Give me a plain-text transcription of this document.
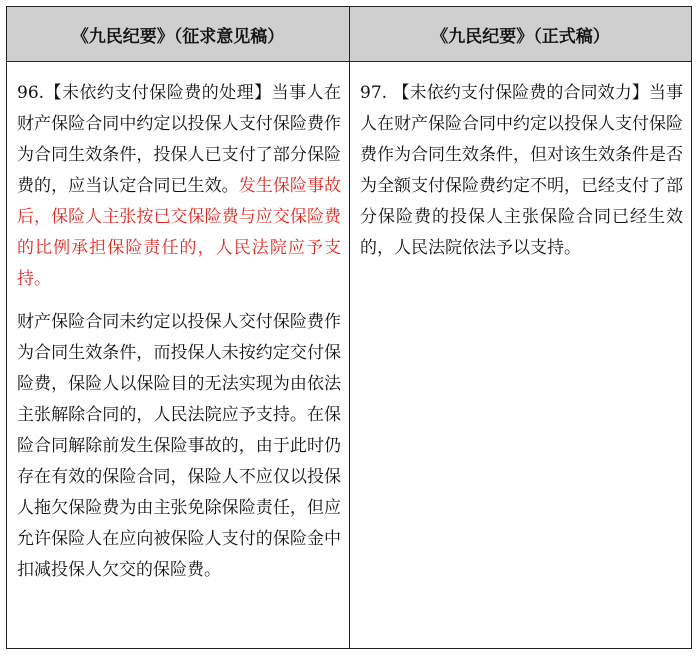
《九民纪要》（征求意见稿）	《九民纪要》（正式稿）

96.【未依约支付保险费的处理】当事人在财产保险合同中约定以投保人支付保险费作为合同生效条件，投保人已支付了部分保险费的，应当认定合同已生效。发生保险事故后，保险人主张按已交保险费与应交保险费的比例承担保险责任的，人民法院应予支持。

财产保险合同未约定以投保人交付保险费作为合同生效条件，而投保人未按约定交付保险费，保险人以保险目的无法实现为由依法主张解除合同的，人民法院应予支持。在保险合同解除前发生保险事故的，由于此时仍存在有效的保险合同，保险人不应仅以投保人拖欠保险费为由主张免除保险责任，但应允许保险人在应向被保险人支付的保险金中扣减投保人欠交的保险费。

97. 【未依约支付保险费的合同效力】当事人在财产保险合同中约定以投保人支付保险费作为合同生效条件，但对该生效条件是否为全额支付保险费约定不明，已经支付了部分保险费的投保人主张保险合同已经生效的，人民法院依法予以支持。
